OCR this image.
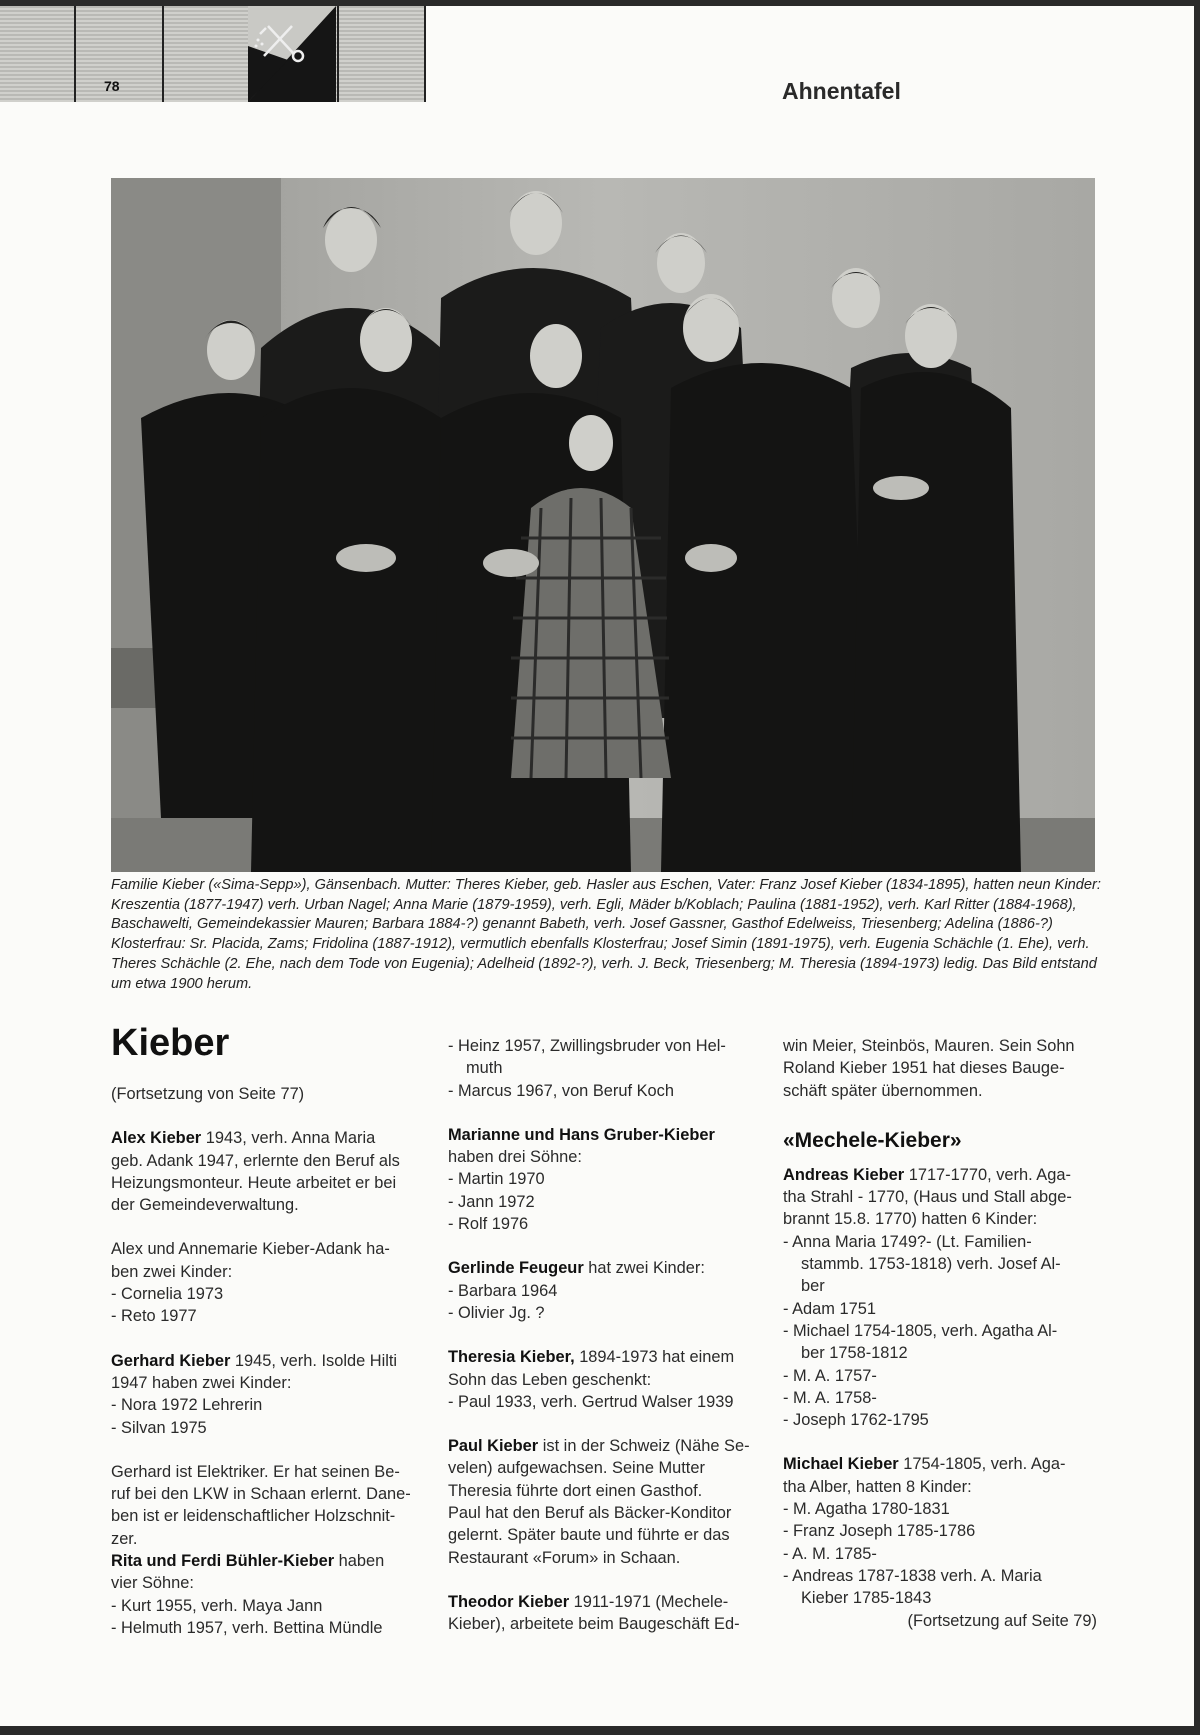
78	Ahnentafel
Familie Kieber («Sima-Sepp»), Gänsenbach. Mutter: Theres Kieber, geb. Hasler aus Eschen, Vater: Franz Josef Kieber (1834-1895), hatten neun Kinder: Kreszentia (1877-1947) verh. Urban Nagel; Anna Marie (1879-1959), verh. Egli, Mäder b/Koblach; Paulina (1881-1952), verh. Karl Ritter (1884-1968), Baschawelti, Gemeindekassier Mauren; Barbara 1884-?) genannt Babeth, verh. Josef Gassner, Gasthof Edelweiss, Triesenberg; Adelina (1886-?) Klosterfrau: Sr. Placida, Zams; Fridolina (1887-1912), vermutlich ebenfalls Klosterfrau; Josef Simin (1891-1975), verh. Eugenia Schächle (1. Ehe), verh. Theres Schächle (2. Ehe, nach dem Tode von Eugenia); Adelheid (1892-?), verh. J. Beck, Triesenberg; M. Theresia (1894-1973) ledig. Das Bild entstand um etwa 1900 herum.
Kieber

(Fortsetzung von Seite 77)

Alex Kieber 1943, verh. Anna Maria

geb. Adank 1947, erlernte den Beruf als

Heizungsmonteur. Heute arbeitet er bei

der Gemeindeverwaltung.

Alex und Annemarie Kieber-Adank ha-

ben zwei Kinder:

- Cornelia 1973

- Reto 1977

Gerhard Kieber 1945, verh. Isolde Hilti

1947 haben zwei Kinder:

- Nora 1972 Lehrerin

- Silvan 1975

Gerhard ist Elektriker. Er hat seinen Be-

ruf bei den LKW in Schaan erlernt. Dane-

ben ist er leidenschaftlicher Holzschnit-

zer.

Rita und Ferdi Bühler-Kieber haben

vier Söhne:

- Kurt 1955, verh. Maya Jann

- Helmuth 1957, verh. Bettina Mündle

- Heinz 1957, Zwillingsbruder von Hel-

muth

- Marcus 1967, von Beruf Koch

Marianne und Hans Gruber-Kieber

haben drei Söhne:

- Martin 1970

- Jann 1972

- Rolf 1976

Gerlinde Feugeur hat zwei Kinder:

- Barbara 1964

- Olivier Jg. ?

Theresia Kieber, 1894-1973 hat einem

Sohn das Leben geschenkt:

- Paul 1933, verh. Gertrud Walser 1939

Paul Kieber ist in der Schweiz (Nähe Se-

velen) aufgewachsen. Seine Mutter

Theresia führte dort einen Gasthof.

Paul hat den Beruf als Bäcker-Konditor

gelernt. Später baute und führte er das

Restaurant «Forum» in Schaan.

Theodor Kieber 1911-1971 (Mechele-

Kieber), arbeitete beim Baugeschäft Ed-

win Meier, Steinbös, Mauren. Sein Sohn

Roland Kieber 1951 hat dieses Bauge-

schäft später übernommen.

«Mechele-Kieber»

Andreas Kieber 1717-1770, verh. Aga-

tha Strahl - 1770, (Haus und Stall abge-

brannt 15.8. 1770) hatten 6 Kinder:

- Anna Maria 1749?- (Lt. Familien-

stammb. 1753-1818) verh. Josef Al-

ber

- Adam 1751

- Michael 1754-1805, verh. Agatha Al-

ber 1758-1812

- M. A. 1757-

- M. A. 1758-

- Joseph 1762-1795

Michael Kieber 1754-1805, verh. Aga-

tha Alber, hatten 8 Kinder:

- M. Agatha 1780-1831

- Franz Joseph 1785-1786

- A. M. 1785-

- Andreas 1787-1838 verh. A. Maria

Kieber 1785-1843

(Fortsetzung auf Seite 79)
